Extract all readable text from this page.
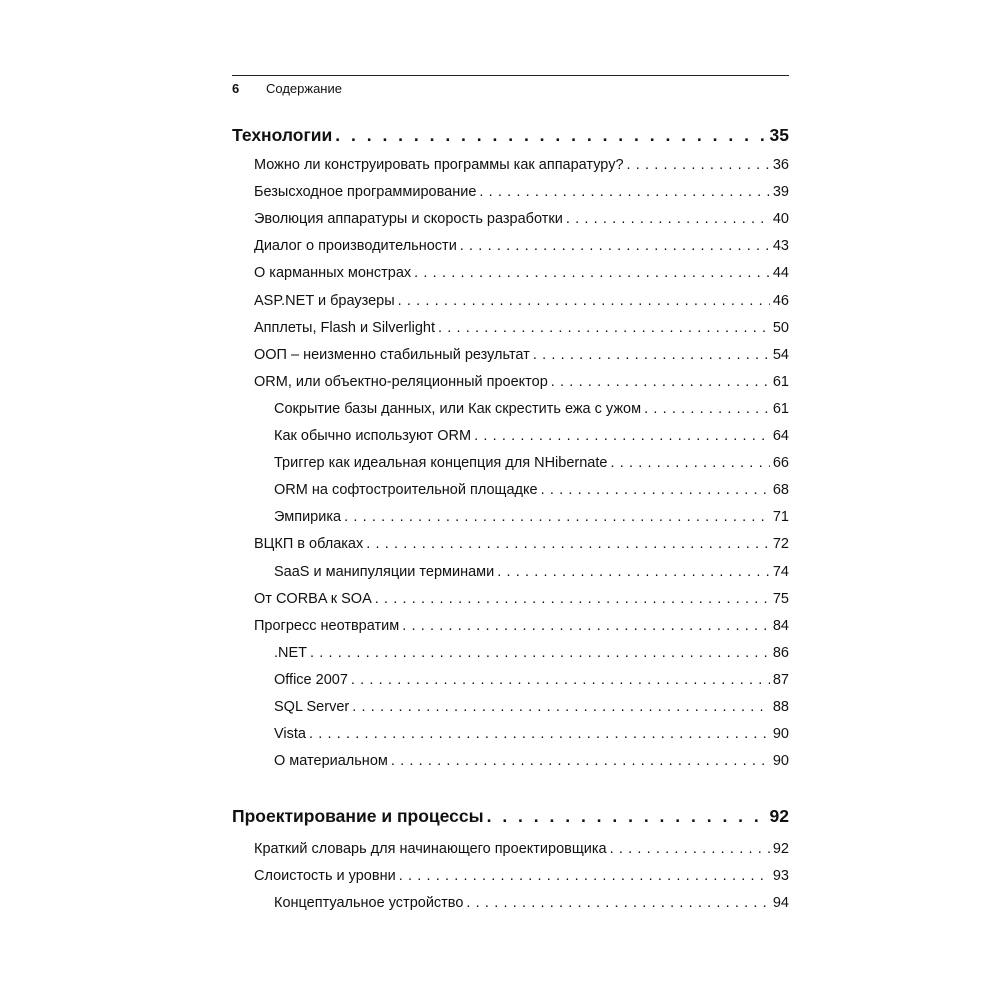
6 Содержание
Технологии . . .	35
Можно ли конструировать программы как аппаратуру? . . .	36
Безысходное программирование . . .	39
Эволюция аппаратуры и скорость разработки . . .	40
Диалог о производительности . . .	43
О карманных монстрах . . .	44
ASP.NET и браузеры . . .	46
Апплеты, Flash и Silverlight . . .	50
ООП – неизменно стабильный результат . . .	54
ORM, или объектно-реляционный проектор . . .	61
Сокрытие базы данных, или Как скрестить ежа с ужом . . .	61
Как обычно используют ORM . . .	64
Триггер как идеальная концепция для NHibernate . . .	66
ORM на софтостроительной площадке . . .	68
Эмпирика . . .	71
ВЦКП в облаках . . .	72
SaaS и манипуляции терминами . . .	74
От CORBA к SOA . . .	75
Прогресс неотвратим . . .	84
.NET . . .	86
Office 2007 . . .	87
SQL Server . . .	88
Vista . . .	90
О материальном . . .	90
Проектирование и процессы . . .	92
Краткий словарь для начинающего проектировщика . . .	92
Слоистость и уровни . . .	93
Концептуальное устройство . . .	94
